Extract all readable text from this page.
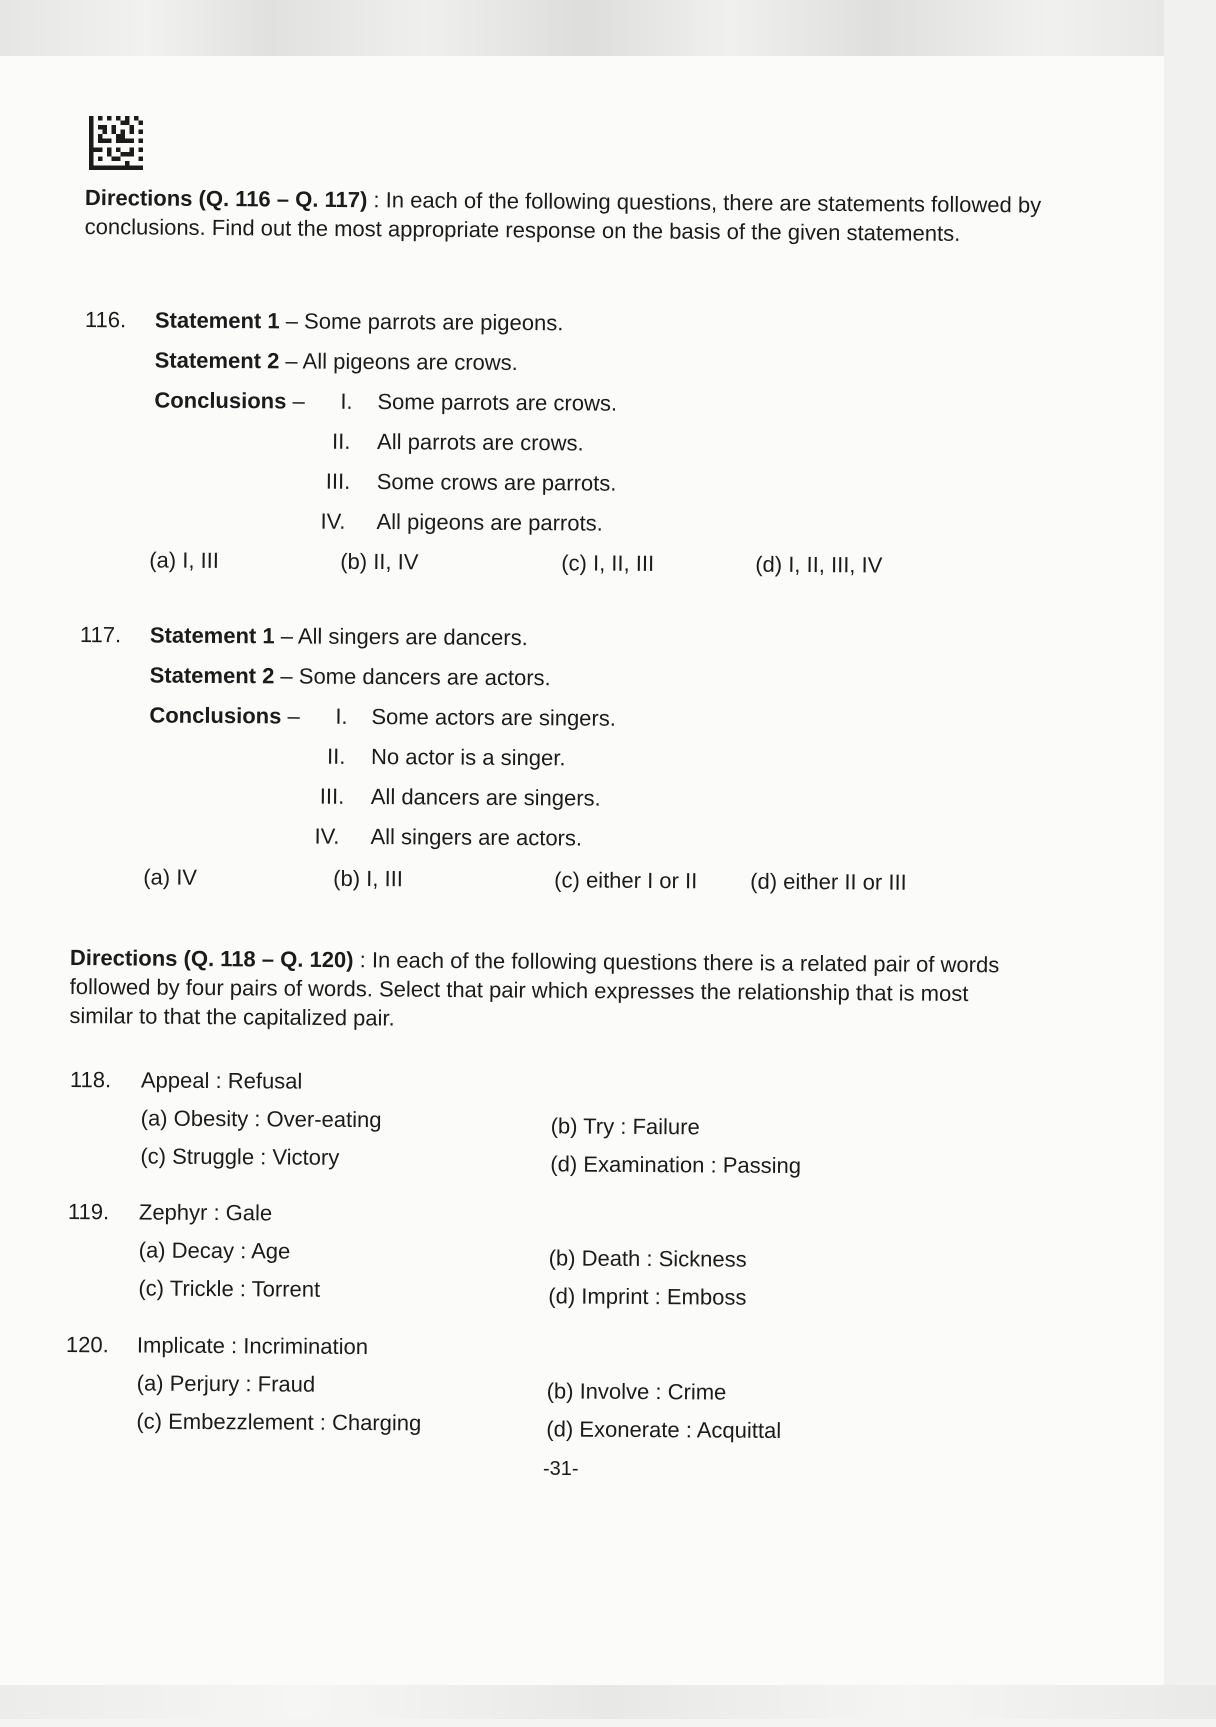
Directions (Q. 116 – Q. 117) : In each of the following questions, there are statements followed by conclusions. Find out the most appropriate response on the basis of the given statements.

116. Statement 1 – Some parrots are pigeons.
Statement 2 – All pigeons are crows.
Conclusions – I. Some parrots are crows.
II. All parrots are crows.
III. Some crows are parrots.
IV. All pigeons are parrots.
(a) I, III	(b) II, IV	(c) I, II, III	(d) I, II, III, IV
117. Statement 1 – All singers are dancers.
Statement 2 – Some dancers are actors.
Conclusions – I. Some actors are singers.
II. No actor is a singer.
III. All dancers are singers.
IV. All singers are actors.
(a) IV	(b) I, III	(c) either I or II (d) either II or III

Directions (Q. 118 – Q. 120) : In each of the following questions there is a related pair of words followed by four pairs of words. Select that pair which expresses the relationship that is most similar to that the capitalized pair.

118. Appeal : Refusal
(a) Obesity : Over-eating	(b) Try : Failure
(c) Struggle : Victory	(d) Examination : Passing
119. Zephyr : Gale
(a) Decay : Age	(b) Death : Sickness
(c) Trickle : Torrent	(d) Imprint : Emboss
120. Implicate : Incrimination
(a) Perjury : Fraud	(b) Involve : Crime
(c) Embezzlement : Charging	(d) Exonerate : Acquittal
-31-
